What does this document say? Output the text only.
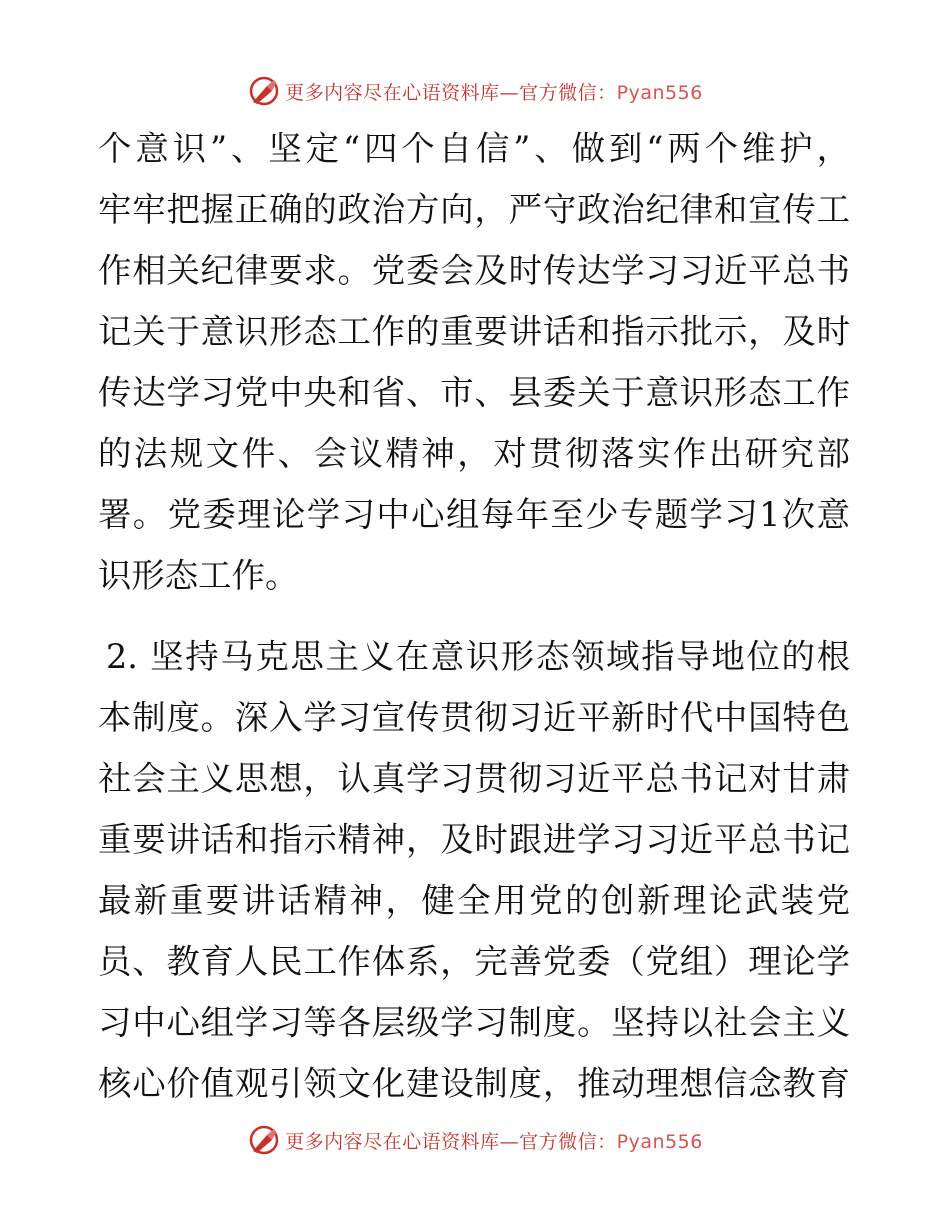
更多内容尽在心语资料库—官方微信：Pyan556
个意识”、坚定“四个自信”、做到“两个维护，
牢牢把握正确的政治方向，严守政治纪律和宣传工
作相关纪律要求。党委会及时传达学习习近平总书
记关于意识形态工作的重要讲话和指示批示，及时
传达学习党中央和省、市、县委关于意识形态工作
的法规文件、会议精神，对贯彻落实作出研究部
署。党委理论学习中心组每年至少专题学习1次意
识形态工作。
2. 坚持马克思主义在意识形态领域指导地位的根
本制度。深入学习宣传贯彻习近平新时代中国特色
社会主义思想，认真学习贯彻习近平总书记对甘肃
重要讲话和指示精神，及时跟进学习习近平总书记
最新重要讲话精神，健全用党的创新理论武装党
员、教育人民工作体系，完善党委（党组）理论学
习中心组学习等各层级学习制度。坚持以社会主义
核心价值观引领文化建设制度，推动理想信念教育
更多内容尽在心语资料库—官方微信：Pyan556
